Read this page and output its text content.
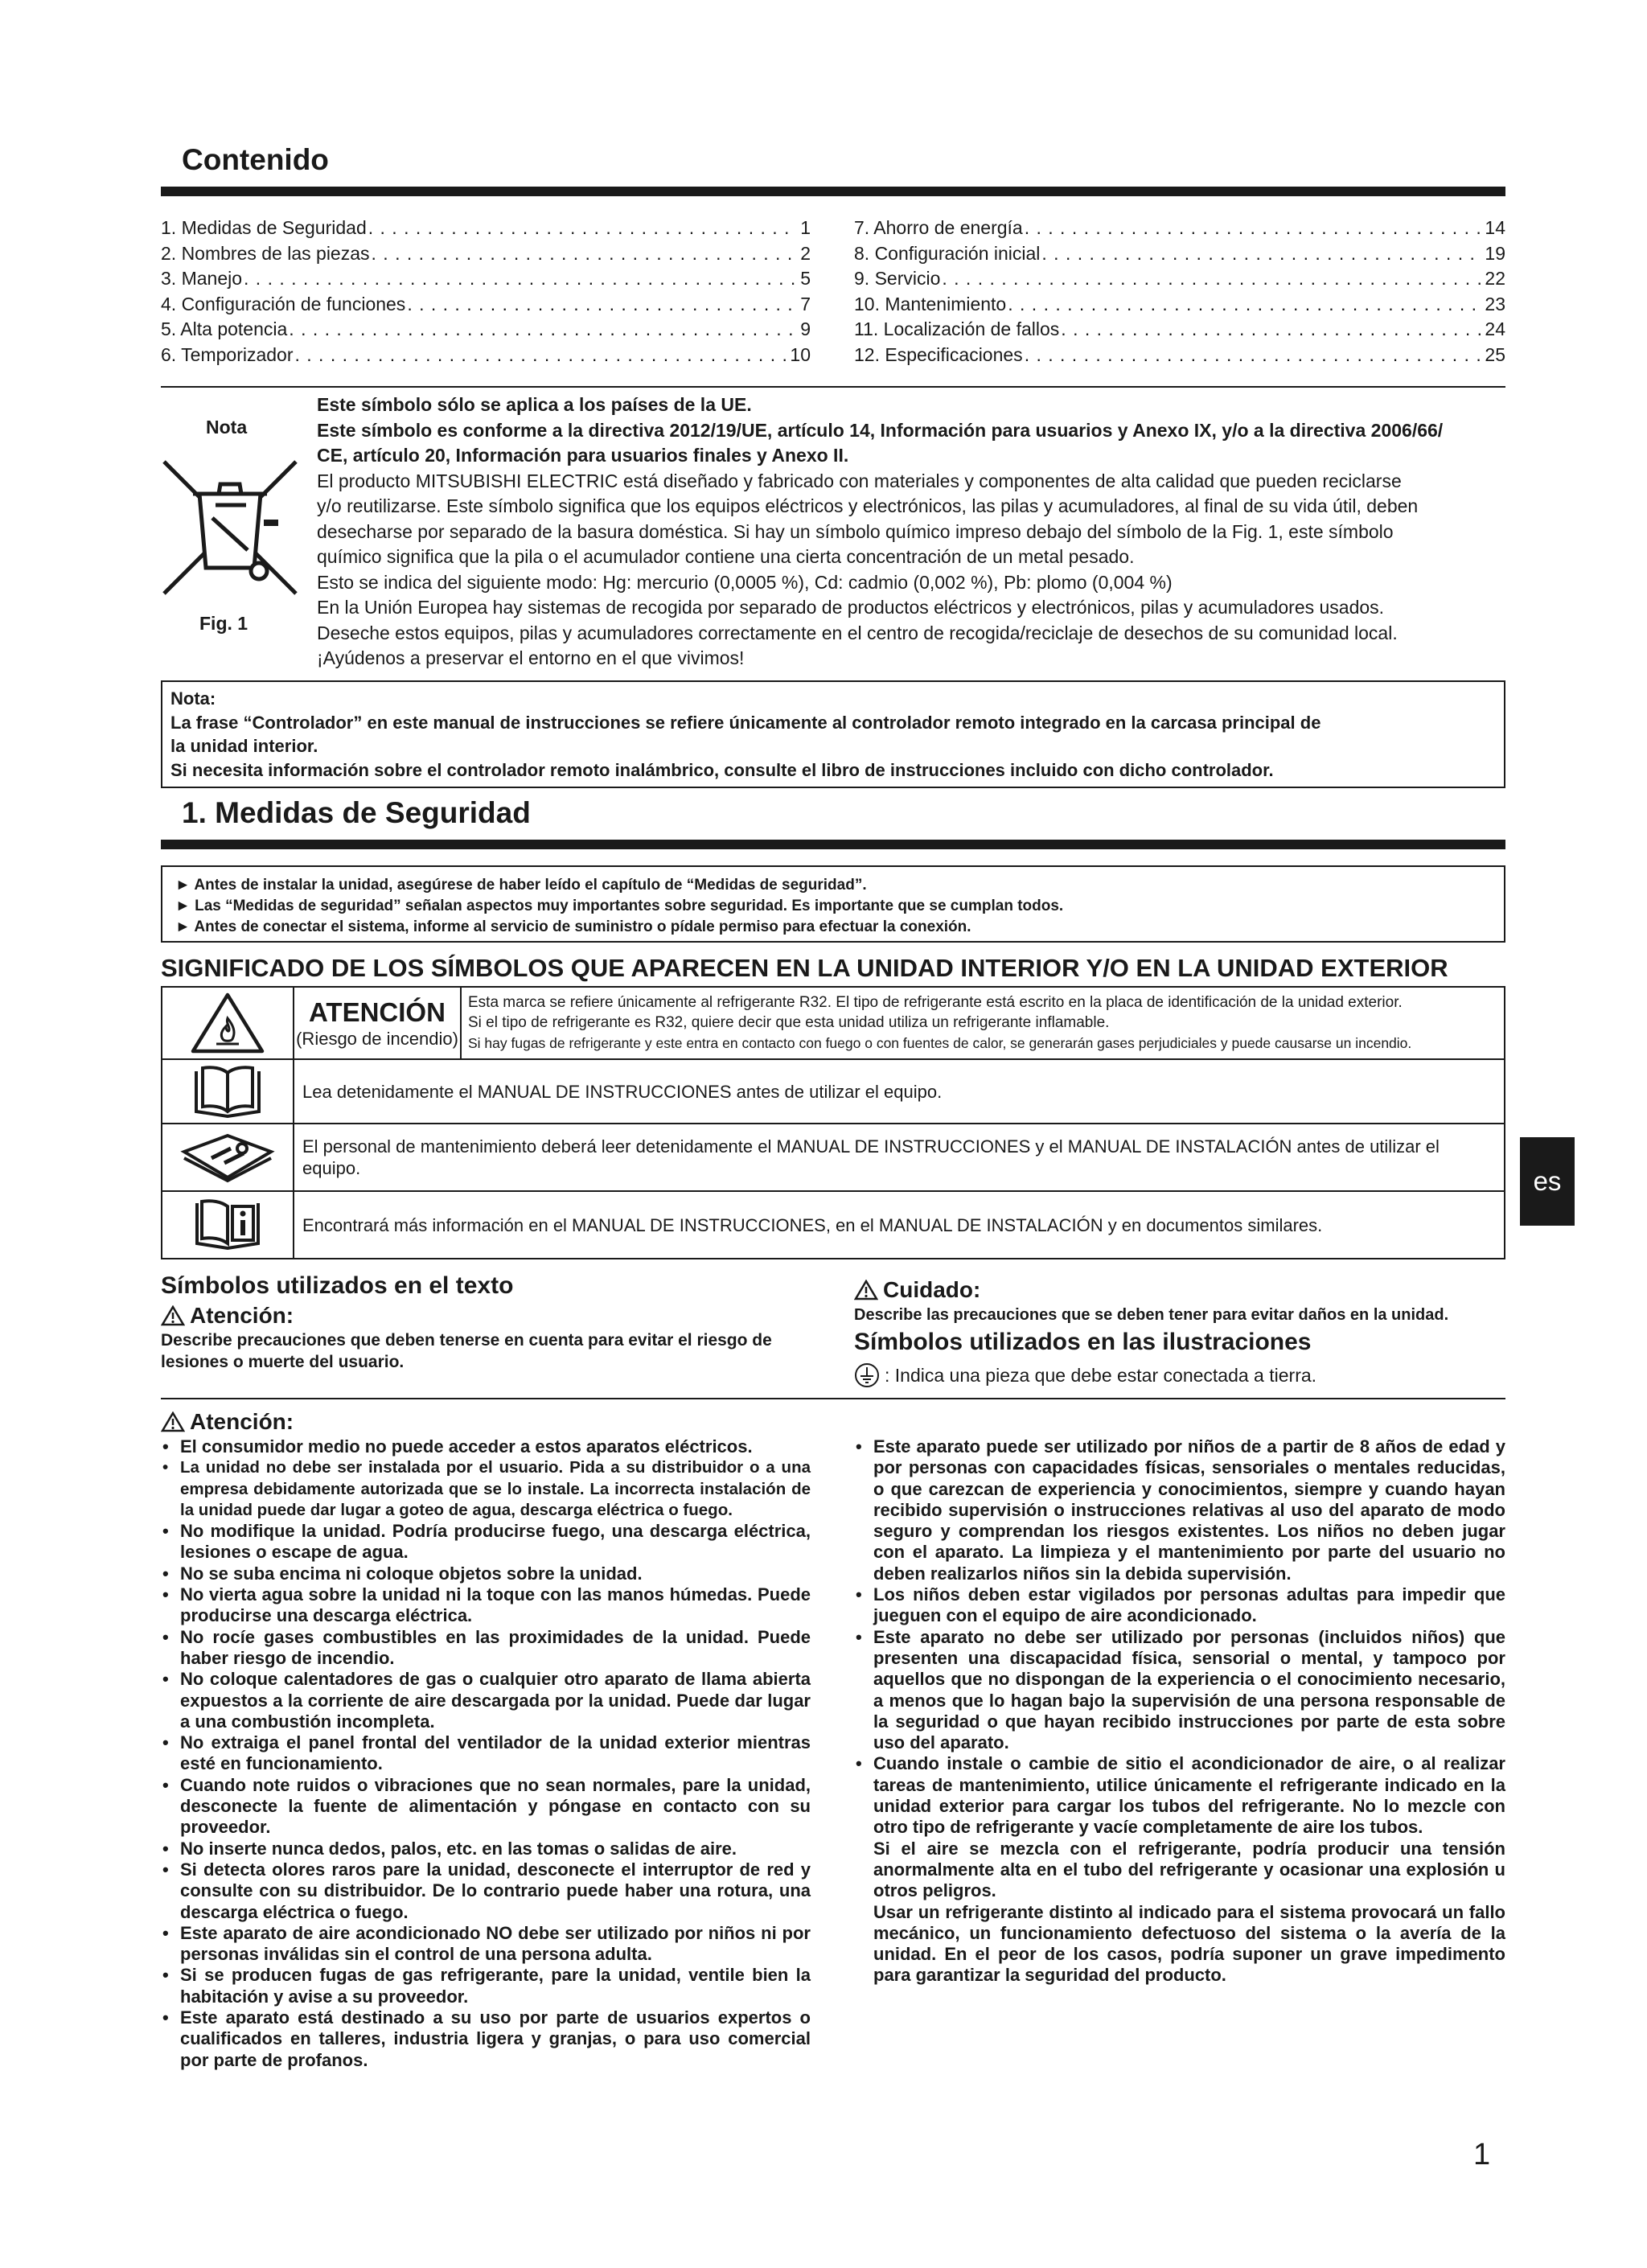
Contenido
1. Medidas de Seguridad . . .	1
2. Nombres de las piezas . . .	2
3. Manejo . . .	5
4. Configuración de funciones . . .	7
5. Alta potencia . . .	9
6. Temporizador . . .	10
7. Ahorro de energía . . .	14
8. Configuración inicial . . .	19
9. Servicio . . .	22
10. Mantenimiento . . .	23
11. Localización de fallos . . .	24
12. Especificaciones . . .	25
Nota
Fig. 1

Este símbolo sólo se aplica a los países de la UE.

Este símbolo es conforme a la directiva 2012/19/UE, artículo 14, Información para usuarios y Anexo IX, y/o a la directiva 2006/66/

CE, artículo 20, Información para usuarios finales y Anexo II.

El producto MITSUBISHI ELECTRIC está diseñado y fabricado con materiales y componentes de alta calidad que pueden reciclarse

y/o reutilizarse. Este símbolo significa que los equipos eléctricos y electrónicos, las pilas y acumuladores, al final de su vida útil, deben

desecharse por separado de la basura doméstica. Si hay un símbolo químico impreso debajo del símbolo de la Fig. 1, este símbolo

químico significa que la pila o el acumulador contiene una cierta concentración de un metal pesado.

Esto se indica del siguiente modo: Hg: mercurio (0,0005 %), Cd: cadmio (0,002 %), Pb: plomo (0,004 %)

En la Unión Europea hay sistemas de recogida por separado de productos eléctricos y electrónicos, pilas y acumuladores usados.

Deseche estos equipos, pilas y acumuladores correctamente en el centro de recogida/reciclaje de desechos de su comunidad local.

¡Ayúdenos a preservar el entorno en el que vivimos!

Nota:
La frase “Controlador” en este manual de instrucciones se refiere únicamente al controlador remoto integrado en la carcasa principal de
la unidad interior.
Si necesita información sobre el controlador remoto inalámbrico, consulte el libro de instrucciones incluido con dicho controlador.
1. Medidas de Seguridad
► Antes de instalar la unidad, asegúrese de haber leído el capítulo de “Medidas de seguridad”.
► Las “Medidas de seguridad” señalan aspectos muy importantes sobre seguridad. Es importante que se cumplan todos.
► Antes de conectar el sistema, informe al servicio de suministro o pídale permiso para efectuar la conexión.
SIGNIFICADO DE LOS SÍMBOLOS QUE APARECEN EN LA UNIDAD INTERIOR Y/O EN LA UNIDAD EXTERIOR
ATENCIÓN
(Riesgo de incendio)
Esta marca se refiere únicamente al refrigerante R32. El tipo de refrigerante está escrito en la placa de identificación de la unidad exterior.
Si el tipo de refrigerante es R32, quiere decir que esta unidad utiliza un refrigerante inflamable.
Si hay fugas de refrigerante y este entra en contacto con fuego o con fuentes de calor, se generarán gases perjudiciales y puede causarse un incendio.
Lea detenidamente el MANUAL DE INSTRUCCIONES antes de utilizar el equipo.
El personal de mantenimiento deberá leer detenidamente el MANUAL DE INSTRUCCIONES y el MANUAL DE INSTALACIÓN antes de utilizar el equipo.
Encontrará más información en el MANUAL DE INSTRUCCIONES, en el MANUAL DE INSTALACIÓN y en documentos similares.
es
Símbolos utilizados en el texto
Atención:
Describe precauciones que deben tenerse en cuenta para evitar el riesgo de lesiones o muerte del usuario.
Cuidado:
Describe las precauciones que se deben tener para evitar daños en la unidad.
Símbolos utilizados en las ilustraciones
: Indica una pieza que debe estar conectada a tierra.
Atención:
• El consumidor medio no puede acceder a estos aparatos eléctricos.
• La unidad no debe ser instalada por el usuario. Pida a su distribuidor o a una empresa debidamente autorizada que se lo instale. La incorrecta instalación de la unidad puede dar lugar a goteo de agua, descarga eléctrica o fuego.
• No modifique la unidad. Podría producirse fuego, una descarga eléctrica, lesiones o escape de agua.
• No se suba encima ni coloque objetos sobre la unidad.
• No vierta agua sobre la unidad ni la toque con las manos húmedas. Puede producirse una descarga eléctrica.
• No rocíe gases combustibles en las proximidades de la unidad. Puede haber riesgo de incendio.
• No coloque calentadores de gas o cualquier otro aparato de llama abierta expuestos a la corriente de aire descargada por la unidad. Puede dar lugar a una combustión incompleta.
• No extraiga el panel frontal del ventilador de la unidad exterior mientras esté en funcionamiento.
• Cuando note ruidos o vibraciones que no sean normales, pare la unidad, desconecte la fuente de alimentación y póngase en contacto con su proveedor.
• No inserte nunca dedos, palos, etc. en las tomas o salidas de aire.
• Si detecta olores raros pare la unidad, desconecte el interruptor de red y consulte con su distribuidor. De lo contrario puede haber una rotura, una descarga eléctrica o fuego.
• Este aparato de aire acondicionado NO debe ser utilizado por niños ni por personas inválidas sin el control de una persona adulta.
• Si se producen fugas de gas refrigerante, pare la unidad, ventile bien la habitación y avise a su proveedor.
• Este aparato está destinado a su uso por parte de usuarios expertos o cualificados en talleres, industria ligera y granjas, o para uso comercial por parte de profanos.
• Este aparato puede ser utilizado por niños de a partir de 8 años de edad y por personas con capacidades físicas, sensoriales o mentales reducidas, o que carezcan de experiencia y conocimientos, siempre y cuando hayan recibido supervisión o instrucciones relativas al uso del aparato de modo seguro y comprendan los riesgos existentes. Los niños no deben jugar con el aparato. La limpieza y el mantenimiento por parte del usuario no deben realizarlos niños sin la debida supervisión.
• Los niños deben estar vigilados por personas adultas para impedir que jueguen con el equipo de aire acondicionado.
• Este aparato no debe ser utilizado por personas (incluidos niños) que presenten una discapacidad física, sensorial o mental, y tampoco por aquellos que no dispongan de la experiencia o el conocimiento necesario, a menos que lo hagan bajo la supervisión de una persona responsable de la seguridad o que hayan recibido instrucciones por parte de esta sobre uso del aparato.
• Cuando instale o cambie de sitio el acondicionador de aire, o al realizar tareas de mantenimiento, utilice únicamente el refrigerante indicado en la unidad exterior para cargar los tubos del refrigerante. No lo mezcle con otro tipo de refrigerante y vacíe completamente de aire los tubos.
Si el aire se mezcla con el refrigerante, podría producir una tensión anormalmente alta en el tubo del refrigerante y ocasionar una explosión u otros peligros.
Usar un refrigerante distinto al indicado para el sistema provocará un fallo mecánico, un funcionamiento defectuoso del sistema o la avería de la unidad. En el peor de los casos, podría suponer un grave impedimento para garantizar la seguridad del producto.
1
